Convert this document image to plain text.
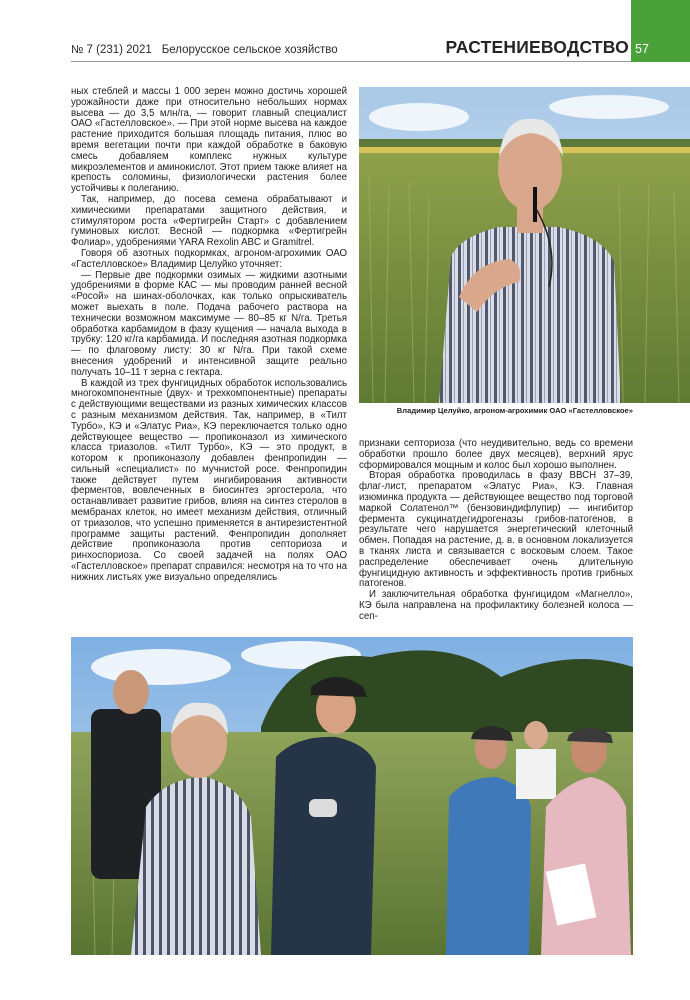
57
№ 7 (231) 2021 Белорусское сельское хозяйство	РАСТЕНИЕВОДСТВО

ных стеблей и массы 1 000 зерен можно достичь хорошей урожайности даже при относительно небольших нормах высева — до 3,5 млн/га, — говорит главный специалист ОАО «Гастелловское». — При этой норме высева на каждое растение приходится большая площадь питания, плюс во время вегетации почти при каждой обработке в баковую смесь добавляем комплекс нужных культуре микроэлементов и аминокислот. Этот прием также влияет на крепость соломины, физиологически растения более устойчивы к полеганию.

Так, например, до посева семена обрабатывают и химическими препаратами защитного действия, и стимулятором роста «Фертигрейн Старт» с добавлением гуминовых кислот. Весной — подкормка «Фертигрейн Фолиар», удобрениями YARA Rexolin ABC и Gramitrel.

Говоря об азотных подкормках, агроном-агрохимик ОАО «Гастелловское» Владимир Целуйко уточняет:

— Первые две подкормки озимых — жидкими азотными удобрениями в форме КАС — мы проводим ранней весной «Росой» на шинах-оболочках, как только опрыскиватель может выехать в поле. Подача рабочего раствора на технически возможном максимуме — 80–85 кг N/га. Третья обработка карбамидом в фазу кущения — начала выхода в трубку: 120 кг/га карбамида. И последняя азотная подкормка — по флаговому листу: 30 кг N/га. При такой схеме внесения удобрений и интенсивной защите реально получать 10–11 т зерна с гектара.

В каждой из трех фунгицидных обработок использовались многокомпонентные (двух- и трехкомпонентные) препараты с действующими веществами из разных химических классов с разным механизмом действия. Так, например, в «Тилт Турбо», КЭ и «Элатус Риа», КЭ переключается только одно действующее вещество — пропиконазол из химического класса триазолов. «Тилт Турбо», КЭ — это продукт, в котором к пропиконазолу добавлен фенпропидин — сильный «специалист» по мучнистой росе. Фенпропидин также действует путем ингибирования активности ферментов, вовлеченных в биосинтез эргостерола, что останавливает развитие грибов, влияя на синтез стеролов в мембранах клеток, но имеет механизм действия, отличный от триазолов, что успешно применяется в антирезистентной программе защиты растений. Фенпропидин дополняет действие пропиконазола против септориоза и ринхоспориоза. Со своей задачей на полях ОАО «Гастелловское» препарат справился: несмотря на то что на нижних листьях уже визуально определялись

Владимир Целуйко, агроном-агрохимик ОАО «Гастелловское»

признаки септориоза (что неудивительно, ведь со времени обработки прошло более двух месяцев), верхний ярус сформировался мощным и колос был хорошо выполнен.

Вторая обработка проводилась в фазу ВВСН 37–39, флаг-лист, препаратом «Элатус Риа», КЭ. Главная изюминка продукта — действующее вещество под торговой маркой Солатенол™ (бензовиндифлупир) — ингибитор фермента сукцинатдегидрогеназы грибов-патогенов, в результате чего нарушается энергетический клеточный обмен. Попадая на растение, д. в. в основном локализуется в тканях листа и связывается с восковым слоем. Такое распределение обеспечивает очень длительную фунгицидную активность и эффективность против грибных патогенов.

И заключительная обработка фунгицидом «Магнелло», КЭ была направлена на профилактику болезней колоса — сеп-
